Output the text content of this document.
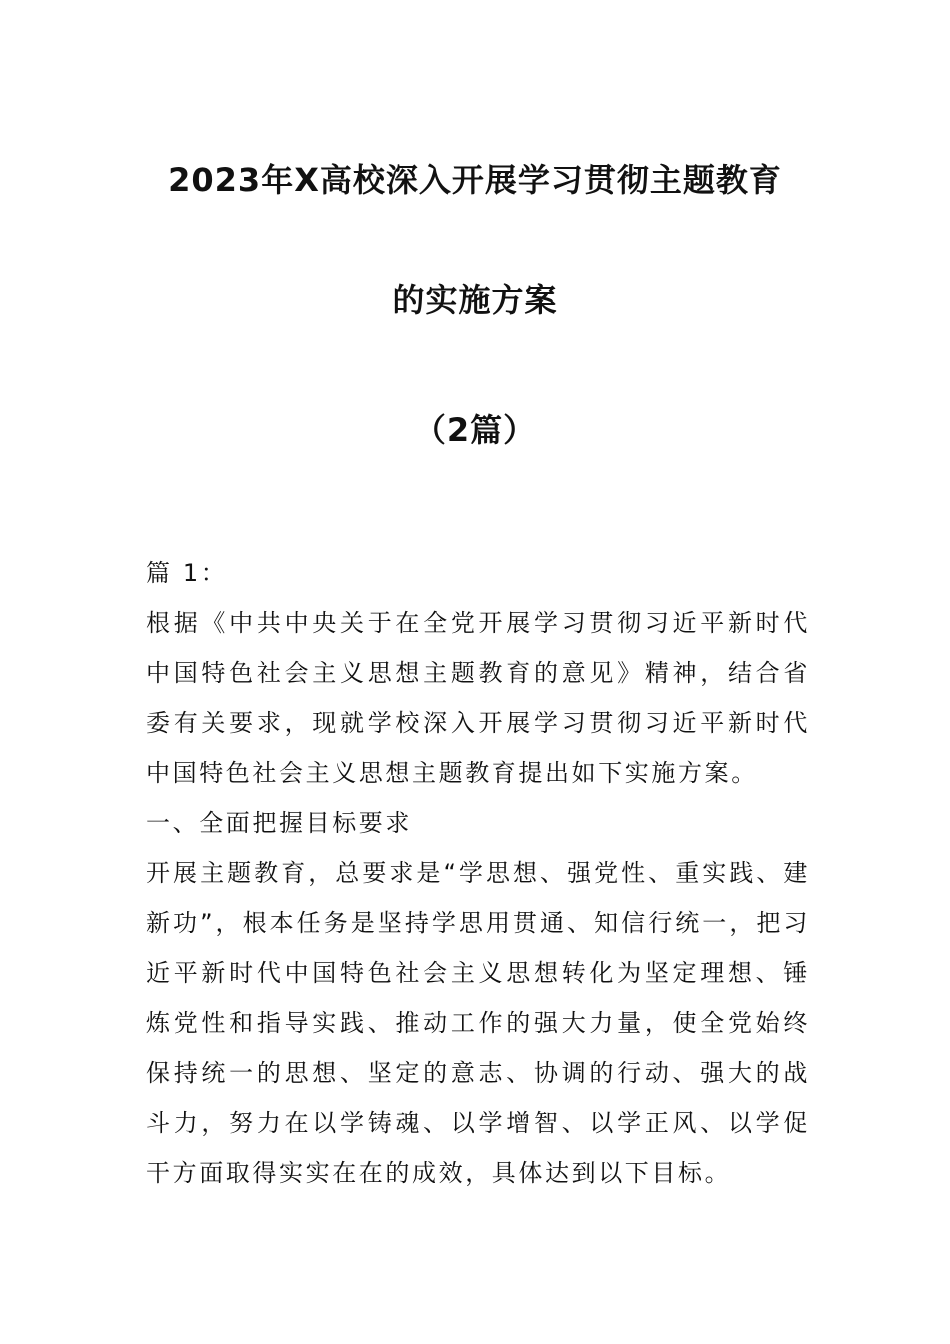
2023年X高校深入开展学习贯彻主题教育
的实施方案
（2篇）

篇 1：

根据《中共中央关于在全党开展学习贯彻习近平新时代中国特色社会主义思想主题教育的意见》精神，结合省委有关要求，现就学校深入开展学习贯彻习近平新时代中国特色社会主义思想主题教育提出如下实施方案。

一、全面把握目标要求

开展主题教育，总要求是“学思想、强党性、重实践、建新功”，根本任务是坚持学思用贯通、知信行统一，把习近平新时代中国特色社会主义思想转化为坚定理想、锤炼党性和指导实践、推动工作的强大力量，使全党始终保持统一的思想、坚定的意志、协调的行动、强大的战斗力，努力在以学铸魂、以学增智、以学正风、以学促干方面取得实实在在的成效，具体达到以下目标。
